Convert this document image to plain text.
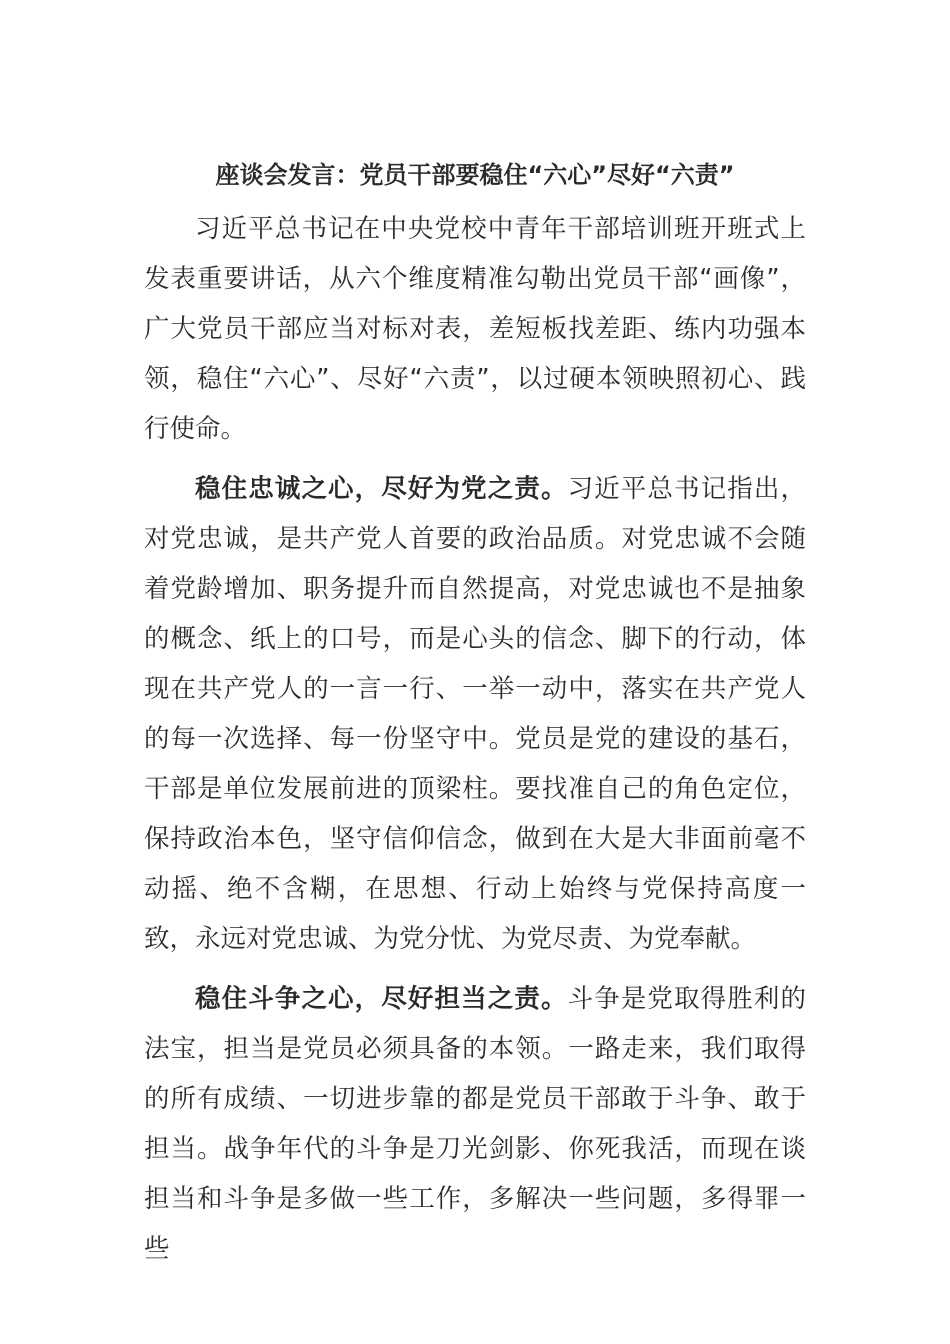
座谈会发言：党员干部要稳住“六心”尽好“六责”

习近平总书记在中央党校中青年干部培训班开班式上发表重要讲话，从六个维度精准勾勒出党员干部“画像”，广大党员干部应当对标对表，差短板找差距、练内功强本领，稳住“六心”、尽好“六责”，以过硬本领映照初心、践行使命。

稳住忠诚之心，尽好为党之责。习近平总书记指出，对党忠诚，是共产党人首要的政治品质。对党忠诚不会随着党龄增加、职务提升而自然提高，对党忠诚也不是抽象的概念、纸上的口号，而是心头的信念、脚下的行动，体现在共产党人的一言一行、一举一动中，落实在共产党人的每一次选择、每一份坚守中。党员是党的建设的基石，干部是单位发展前进的顶梁柱。要找准自己的角色定位，保持政治本色，坚守信仰信念，做到在大是大非面前毫不动摇、绝不含糊，在思想、行动上始终与党保持高度一致，永远对党忠诚、为党分忧、为党尽责、为党奉献。

稳住斗争之心，尽好担当之责。斗争是党取得胜利的法宝，担当是党员必须具备的本领。一路走来，我们取得的所有成绩、一切进步靠的都是党员干部敢于斗争、敢于担当。战争年代的斗争是刀光剑影、你死我活，而现在谈担当和斗争是多做一些工作，多解决一些问题，多得罪一些
